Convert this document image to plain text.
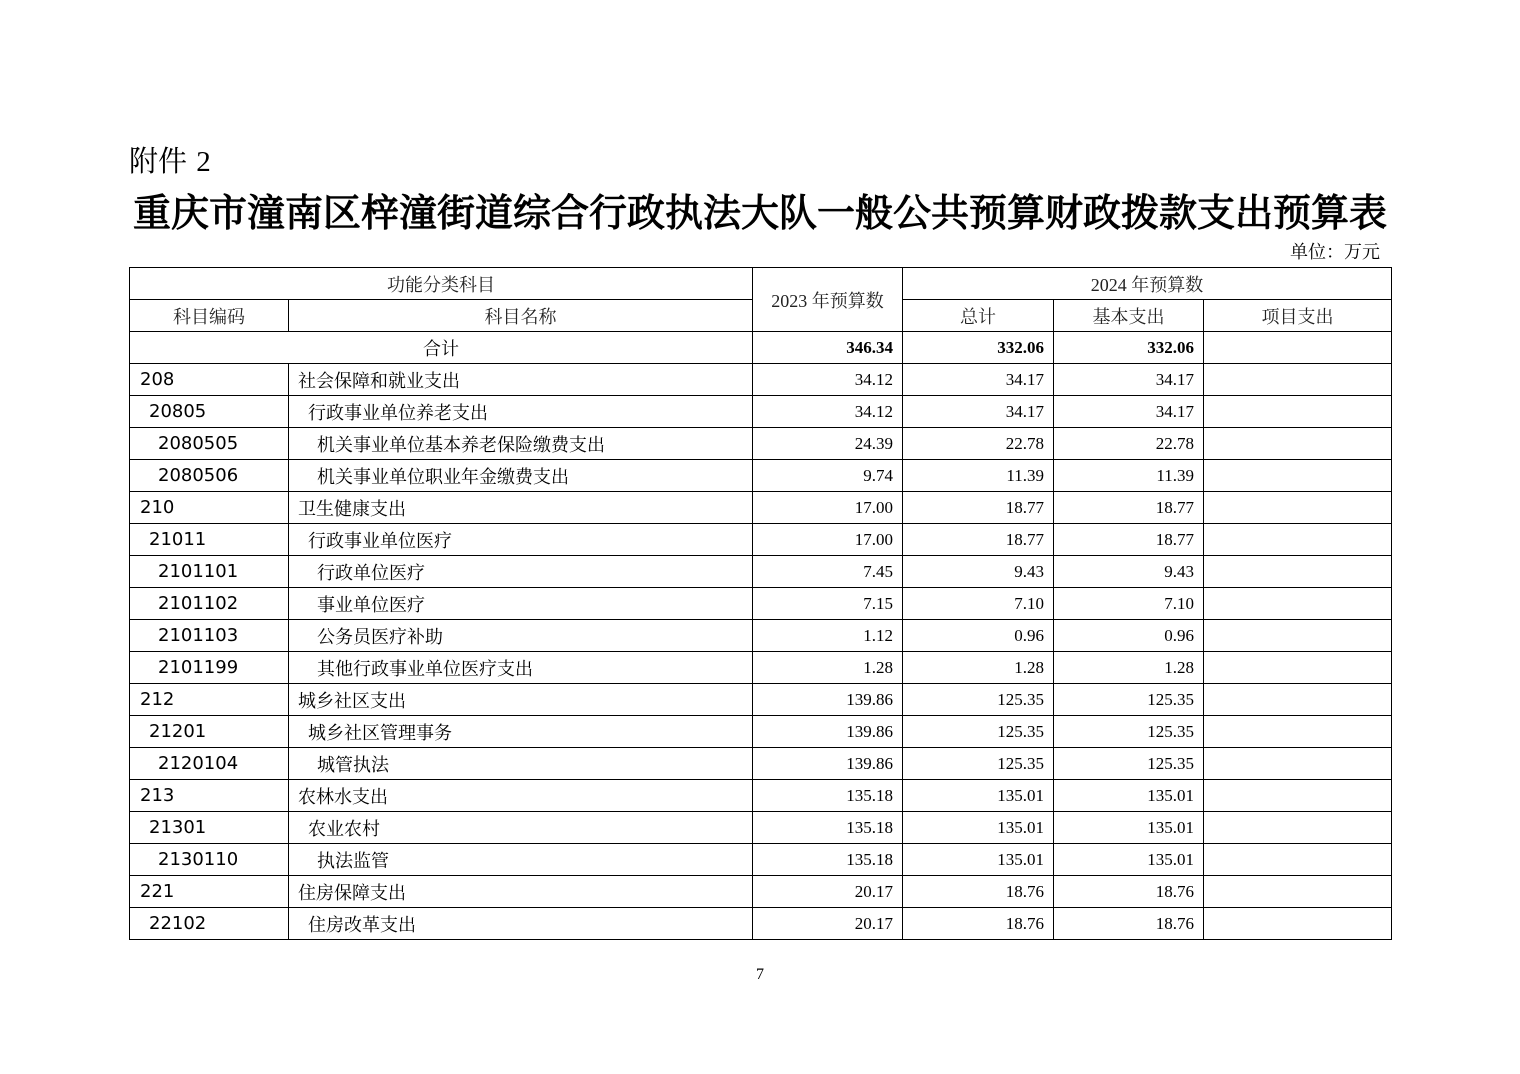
附件 2
重庆市潼南区梓潼街道综合行政执法大队一般公共预算财政拨款支出预算表
单位：万元
功能分类科目		2023 年预算数	2024 年预算数		
科目编码	科目名称		总计	基本支出	项目支出
合计		346.34	332.06	332.06	
208	社会保障和就业支出	34.12	34.17	34.17	
20805	行政事业单位养老支出	34.12	34.17	34.17	
2080505	机关事业单位基本养老保险缴费支出	24.39	22.78	22.78	
2080506	机关事业单位职业年金缴费支出	9.74	11.39	11.39	
210	卫生健康支出	17.00	18.77	18.77	
21011	行政事业单位医疗	17.00	18.77	18.77	
2101101	行政单位医疗	7.45	9.43	9.43	
2101102	事业单位医疗	7.15	7.10	7.10	
2101103	公务员医疗补助	1.12	0.96	0.96	
2101199	其他行政事业单位医疗支出	1.28	1.28	1.28	
212	城乡社区支出	139.86	125.35	125.35	
21201	城乡社区管理事务	139.86	125.35	125.35	
2120104	城管执法	139.86	125.35	125.35	
213	农林水支出	135.18	135.01	135.01	
21301	农业农村	135.18	135.01	135.01	
2130110	执法监管	135.18	135.01	135.01	
221	住房保障支出	20.17	18.76	18.76	
22102	住房改革支出	20.17	18.76	18.76	
7
